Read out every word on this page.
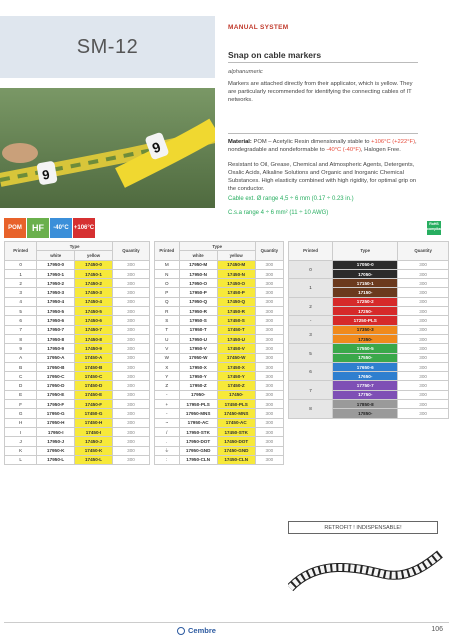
SM-12
9
9
MANUAL SYSTEM
Snap on cable markers
alphanumeric
Markers are attached directly from their applicator, which is yellow. They are particularly recommended for identifying the connecting cables of IT networks.
Material: POM – Acetylic Resin dimensionally stable to +106°C (+222°F), nondegradable and nondeformable to -40°C (-40°F), Halogen Free.
Resistant to Oil, Grease, Chemical and Atmospheric Agents, Detergents, Oxalic Acids, Alkaline Solutions and Organic and Inorganic Chemical Substances. High elasticity combined with high rigidity, for optimal grip on the conductor.
Cable ext. Ø range 4,5 ÷ 6 mm (0.17 ÷ 0.23 in.)
C.s.a range 4 ÷ 6 mm² (11 ÷ 10 AWG)
POM	HF	-40°C +106°C
RoHS compliant
Printed	Type		Quantity
	white	yellow	
0	17950-0	17450-0	300
1	17950-1	17450-1	300
2	17950-2	17450-2	300
3	17950-3	17450-3	300
4	17950-4	17450-4	300
5	17950-5	17450-5	300
6	17950-6	17450-6	300
7	17950-7	17450-7	300
8	17950-8	17450-8	300
9	17950-9	17450-9	300
A	17950-A	17450-A	300
B	17950-B	17450-B	300
C	17950-C	17450-C	300
D	17950-D	17450-D	300
E	17950-E	17450-E	300
F	17950-F	17450-F	300
G	17950-G	17450-G	300
H	17950-H	17450-H	300
I	17950-I	17450-I	300
J	17950-J	17450-J	300
K	17950-K	17450-K	300
L	17950-L	17450-L	300
Printed	Type		Quantity
	white	yellow	
M	17950-M	17450-M	300
N	17950-N	17450-N	300
O	17950-O	17450-O	300
P	17950-P	17450-P	300
Q	17950-Q	17450-Q	300
R	17950-R	17450-R	300
S	17950-S	17450-S	300
T	17950-T	17450-T	300
U	17950-U	17450-U	300
V	17950-V	17450-V	300
W	17950-W	17450-W	300
X	17950-X	17450-X	300
Y	17950-Y	17450-Y	300
Z	17950-Z	17450-Z	300
-	17950-	17450-	300
+	17950-PLS	17450-PLS	300
-	17950-MNS	17450-MNS	300
~	17950-AC	17450-AC	300
/	17950-STK	17450-STK	300
.	17950-DOT	17450-DOT	300
⏚	17950-GND	17450-GND	300
:	17950-CLN	17450-CLN	300
Printed	Type	Quantity
0	17050-0	300
	17050-	300
1	17150-1	300
	17150-	300
2	17250-2	300
	17250-	300
-	17250-PLS	300
3	17350-3	300
	17350-	300
5	17550-5	300
	17550-	300
6	17650-6	300
	17650-	300
7	17750-7	300
	17750-	300
8	17850-8	300
	17850-	300
RETROFIT ! INDISPENSABLE!
Cembre	106
